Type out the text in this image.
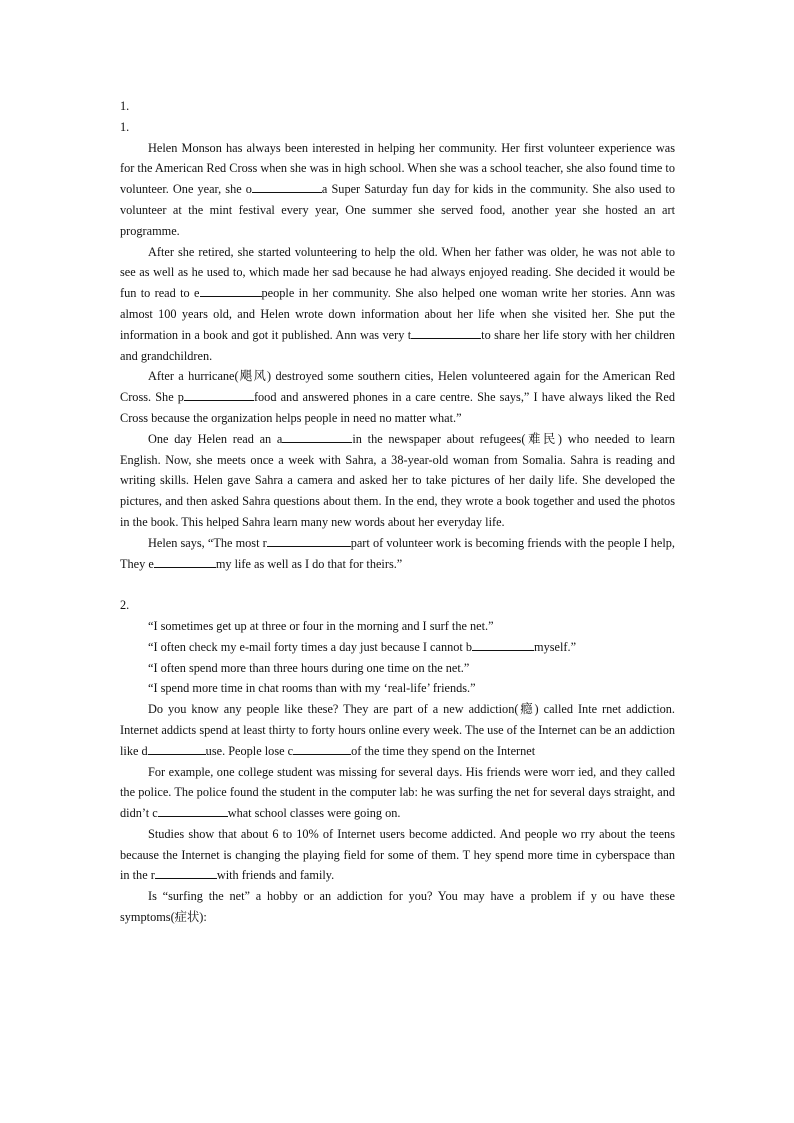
1.

1.

Helen Monson has always been interested in helping her community. Her first volunteer experience was for the American Red Cross when she was in high school. When she was a school teacher, she also found time to volunteer. One year, she o	a Super Saturday fun day for kids in the community. She also used to volunteer at the mint festival every year, One summer she served food, another year she hosted an art programme.

After she retired, she started volunteering to help the old. When her father was older, he was not able to see as well as he used to, which made her sad because he had always enjoyed reading. She decided it would be fun to read to e	people in her community. She also helped one woman write her stories. Ann was almost 100 years old, and Helen wrote down information about her life when she visited her. She put the information in a book and got it published. Ann was very t	to share her life story with her children and grandchildren.

After a hurricane(飓风) destroyed some southern cities, Helen volunteered again for the American Red Cross. She p	food and answered phones in a care centre. She says,” I have always liked the Red Cross because the organization helps people in need no matter what.”

One day Helen read an a	in the newspaper about refugees(难民) who needed to learn English. Now, she meets once a week with Sahra, a 38-year-old woman from Somalia. Sahra is reading and writing skills. Helen gave Sahra a camera and asked her to take pictures of her daily life. She developed the pictures, and then asked Sahra questions about them. In the end, they wrote a book together and used the photos in the book. This helped Sahra learn many new words about her everyday life.

Helen says, “The most r	part of volunteer work is becoming friends with the people I help, They e	my life as well as I do that for theirs.”

2.

“I sometimes get up at three or four in the morning and I surf the net.”

“I often check my e-mail forty times a day just because I cannot b	myself.”

“I often spend more than three hours during one time on the net.”

“I spend more time in chat rooms than with my ‘real-life’ friends.”

Do you know any people like these? They are part of a new addiction(瘾) called Inte rnet addiction. Internet addicts spend at least thirty to forty hours online every week. The use of the Internet can be an addiction like d	use. People lose c	of the time they spend on the Internet

For example, one college student was missing for several days. His friends were worr ied, and they called the police. The police found the student in the computer lab: he was surfing the net for several days straight, and didn’t c	what school classes were going on.

Studies show that about 6 to 10% of Internet users become addicted. And people wo rry about the teens because the Internet is changing the playing field for some of them. T hey spend more time in cyberspace than in the r	with friends and family.

Is “surfing the net” a hobby or an addiction for you? You may have a problem if y ou have these symptoms(症状):
